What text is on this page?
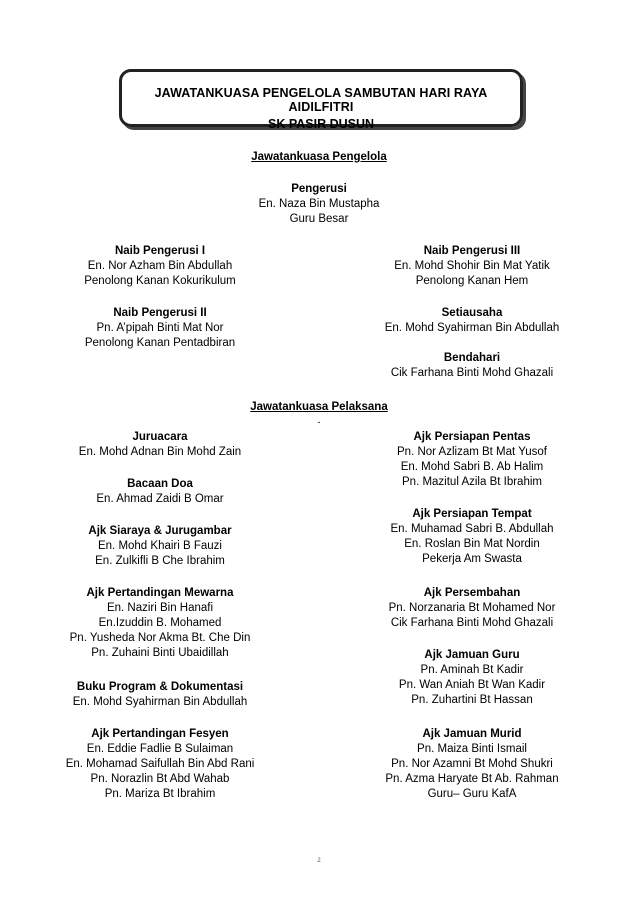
JAWATANKUASA PENGELOLA SAMBUTAN HARI RAYA AIDILFITRI
SK PASIR DUSUN
Jawatankuasa Pengelola
Pengerusi
En. Naza Bin Mustapha
Guru Besar
Naib Pengerusi I
En. Nor Azham Bin Abdullah
Penolong Kanan Kokurikulum
Naib Pengerusi III
En. Mohd Shohir Bin Mat Yatik
Penolong Kanan Hem
Naib Pengerusi II
Pn. A’pipah Binti Mat Nor
Penolong Kanan Pentadbiran
Setiausaha
En. Mohd Syahirman Bin Abdullah
Bendahari
Cik Farhana Binti Mohd Ghazali
Jawatankuasa Pelaksana
-
Juruacara
En. Mohd Adnan Bin Mohd Zain
Bacaan Doa
En. Ahmad Zaidi B Omar
Ajk Siaraya & Jurugambar
En. Mohd Khairi B Fauzi
En. Zulkifli B Che Ibrahim
Ajk Pertandingan Mewarna
En. Naziri Bin Hanafi
En.Izuddin B. Mohamed
Pn. Yusheda Nor Akma Bt. Che Din
Pn. Zuhaini Binti Ubaidillah
Buku Program & Dokumentasi
En. Mohd Syahirman Bin Abdullah
Ajk Pertandingan Fesyen
En. Eddie Fadlie B Sulaiman
En. Mohamad Saifullah Bin Abd Rani
Pn. Norazlin Bt Abd Wahab
Pn. Mariza Bt Ibrahim
Ajk Persiapan Pentas
Pn. Nor Azlizam Bt Mat Yusof
En. Mohd Sabri B. Ab Halim
Pn. Mazitul Azila Bt Ibrahim
Ajk Persiapan Tempat
En. Muhamad Sabri B. Abdullah
En. Roslan Bin Mat Nordin
Pekerja Am Swasta
Ajk Persembahan
Pn. Norzanaria Bt Mohamed Nor
Cik Farhana Binti Mohd Ghazali
Ajk Jamuan Guru
Pn. Aminah Bt Kadir
Pn. Wan Aniah Bt Wan Kadir
Pn. Zuhartini Bt Hassan
Ajk Jamuan Murid
Pn. Maiza Binti Ismail
Pn. Nor Azamni Bt Mohd Shukri
Pn. Azma Haryate Bt Ab. Rahman
Guru– Guru KafA
2
